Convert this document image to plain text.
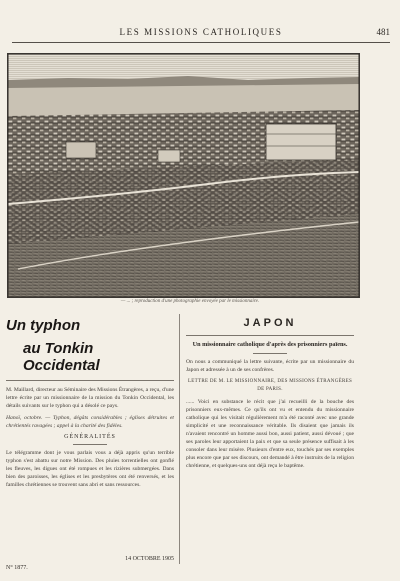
LES MISSIONS CATHOLIQUES	481
— ... ; reproduction d'une photographie envoyée par le missionnaire.
Un typhon
au Tonkin Occidental

M. Maillard, directeur au Séminaire des Missions Étrangères, a reçu, d'une lettre écrite par un missionnaire de la mission du Tonkin Occidental, les détails suivants sur le typhon qui a désolé ce pays.

Hanoï, octobre. — Typhon, dégâts considérables ; églises détruites et chrétientés ravagées ; appel à la charité des fidèles.

GÉNÉRALITÉS

Le télégramme dont je vous parlais vous a déjà appris qu'un terrible typhon s'est abattu sur notre Mission. Des pluies torrentielles ont gonflé les fleuves, les digues ont été rompues et les rizières submergées. Dans bien des paroisses, les églises et les presbytères ont été renversés, et les familles chrétiennes se trouvent sans abri et sans ressources.

JAPON

Un missionnaire catholique d'après des prisonniers païens.

On nous a communiqué la lettre suivante, écrite par un missionnaire du Japon et adressée à un de ses confrères.

LETTRE DE M. LE MISSIONNAIRE, DES MISSIONS ÉTRANGÈRES DE PARIS.

...... Voici en substance le récit que j'ai recueilli de la bouche des prisonniers eux-mêmes. Ce qu'ils ont vu et entendu du missionnaire catholique qui les visitait régulièrement m'a été raconté avec une grande simplicité et une reconnaissance véritable. Ils disaient que jamais ils n'avaient rencontré un homme aussi bon, aussi patient, aussi dévoué ; que ses paroles leur apportaient la paix et que sa seule présence suffisait à les consoler dans leur misère. Plusieurs d'entre eux, touchés par ses exemples plus encore que par ses discours, ont demandé à être instruits de la religion chrétienne, et quelques-uns ont déjà reçu le baptême.

N° 1877.
14 OCTOBRE 1905
